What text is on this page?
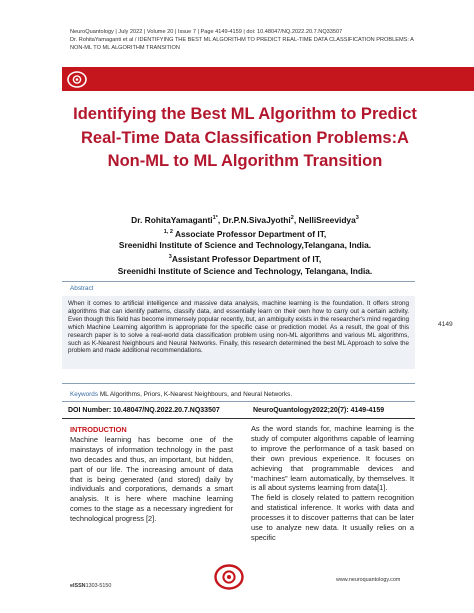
NeuroQuantology | July 2022 | Volume 20 | Issue 7 | Page 4149-4159 | doi: 10.48047/NQ.2022.20.7.NQ33507
Dr. RohitaYamaganti et al / IDENTIFYING THE BEST ML ALGORITHM TO PREDICT REAL-TIME DATA CLASSIFICATION PROBLEMS: A NON-ML TO ML ALGORITHM TRANSITION
Identifying the Best ML Algorithm to Predict Real-Time Data Classification Problems:A Non-ML to ML Algorithm Transition
Dr. RohitaYamaganti$^{1*}$, Dr.P.N.SivaJyothi$^2$, NelliSreevidya$^3$
$^{1, 2}$ Associate Professor Department of IT,
Sreenidhi Institute of Science and Technology,Telangana, India.
$^3$Assistant Professor Department of IT,
Sreenidhi Institute of Science and Technology, Telangana, India.
Abstract
When it comes to artificial intelligence and massive data analysis, machine learning is the foundation. It offers strong algorithms that can identify patterns, classify data, and essentially learn on their own how to carry out a certain activity. Even though this field has become immensely popular recently, but, an ambiguity exists in the researcher's mind regarding which Machine Learning algorithm is appropriate for the specific case or prediction model. As a result, the goal of this research paper is to solve a real-world data classification problem using non-ML algorithms and various ML algorithms, such as K-Nearest Neighbours and Neural Networks. Finally, this research determined the best ML Approach to solve the problem and made additional recommendations.
4149
Keywords ML Algorithms, Priors, K-Nearest Neighbours, and Neural Networks.
DOI Number: 10.48047/NQ.2022.20.7.NQ33507	NeuroQuantology2022;20(7): 4149-4159

INTRODUCTION

Machine learning has become one of the mainstays of information technology in the past two decades and thus, an important, but hidden, part of our life. The increasing amount of data that is being generated (and stored) daily by individuals and corporations, demands a smart analysis. It is here where machine learning comes to the stage as a necessary ingredient for technological progress [2].

As the word stands for, machine learning is the study of computer algorithms capable of learning to improve the performance of a task based on their own previous experience. It focuses on achieving that programmable devices and “machines” learn automatically, by themselves. It is all about systems learning from data[1].

The field is closely related to pattern recognition and statistical inference. It works with data and processes it to discover patterns that can be later use to analyze new data. It usually relies on a specific

eISSN1303-5150
www.neuroquantology.com
